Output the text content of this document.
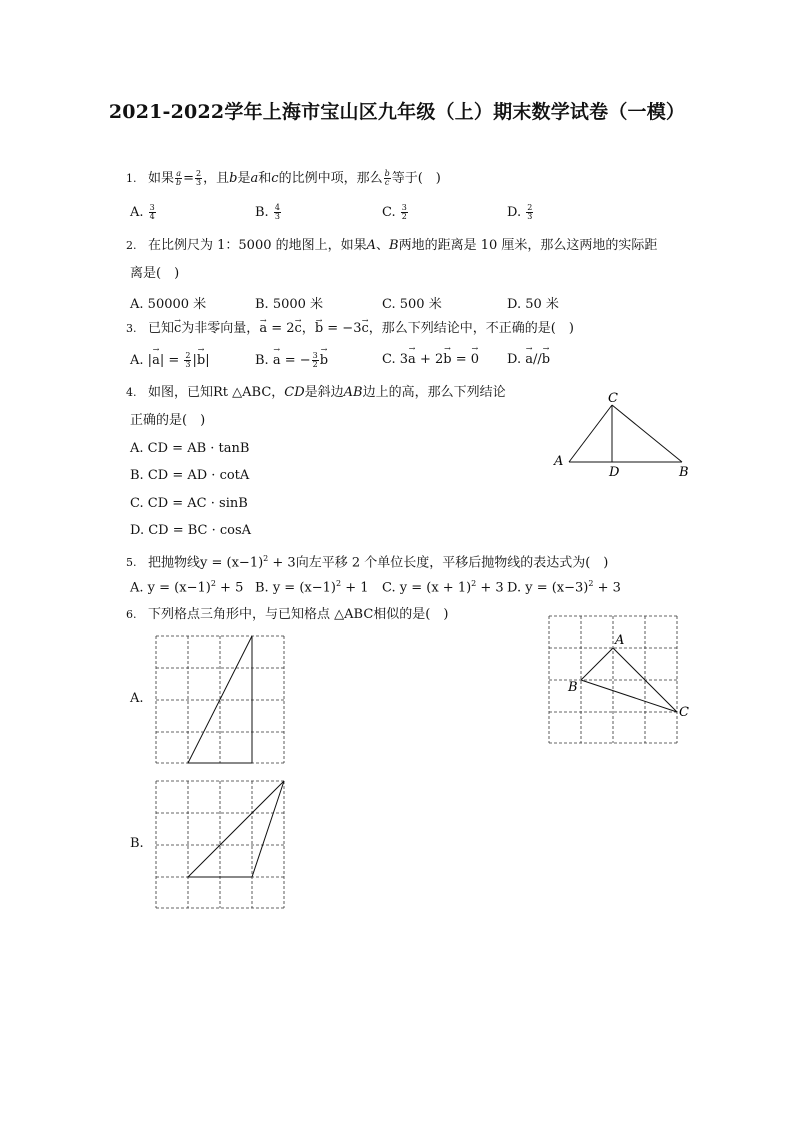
2021-2022学年上海市宝山区九年级（上）期末数学试卷（一模）
1. 如果 $\frac{a}{b} = \frac{2}{3}$ ，且b是a和c的比例中项，那么 $\frac{b}{c}$ 等于(　)
A. $\frac{3}{4}$	B. $\frac{4}{3}$	C. $\frac{3}{2}$	D. $\frac{2}{3}$
2. 在比例尺为 1：5000 的地图上，如果A、B两地的距离是 10 厘米，那么这两地的实际距
离是(　)
A. 50000 米	B. 5000 米	C. 500 米	D. 50 米
3. 已知→ c为非零向量，→ a = 2→ c，→ b = −3→ c，那么下列结论中，不正确的是(　)
A. |→ $a| = \frac{2}{3}$ |→ b|	B. → a = − $\frac{3}{2}$
→ b	C. 3→ a + 2→ b = → 0 D. → a//→ b
4. 如图，已知Rt △ABC，CD是斜边AB边上的高，那么下列结论
正确的是(　)
A. CD = AB · tanB
B. CD = AD · cotA
C. CD = AC · sinB
D. CD = BC · cosA
C
A
D	B
5. 把抛物线$y = (x-1)^2 + 3$向左平移 2 个单位长度，平移后抛物线的表达式为(　)
A. $y = (x-1)^2 + 5$ B. $y = (x-1)^2 + 1$ C. $y = (x + 1)^2 + 3$ D. $y = (x-3)^2 + 3$
6. 下列格点三角形中，与已知格点 △ABC相似的是(　)
A
B
C
A.
B.
